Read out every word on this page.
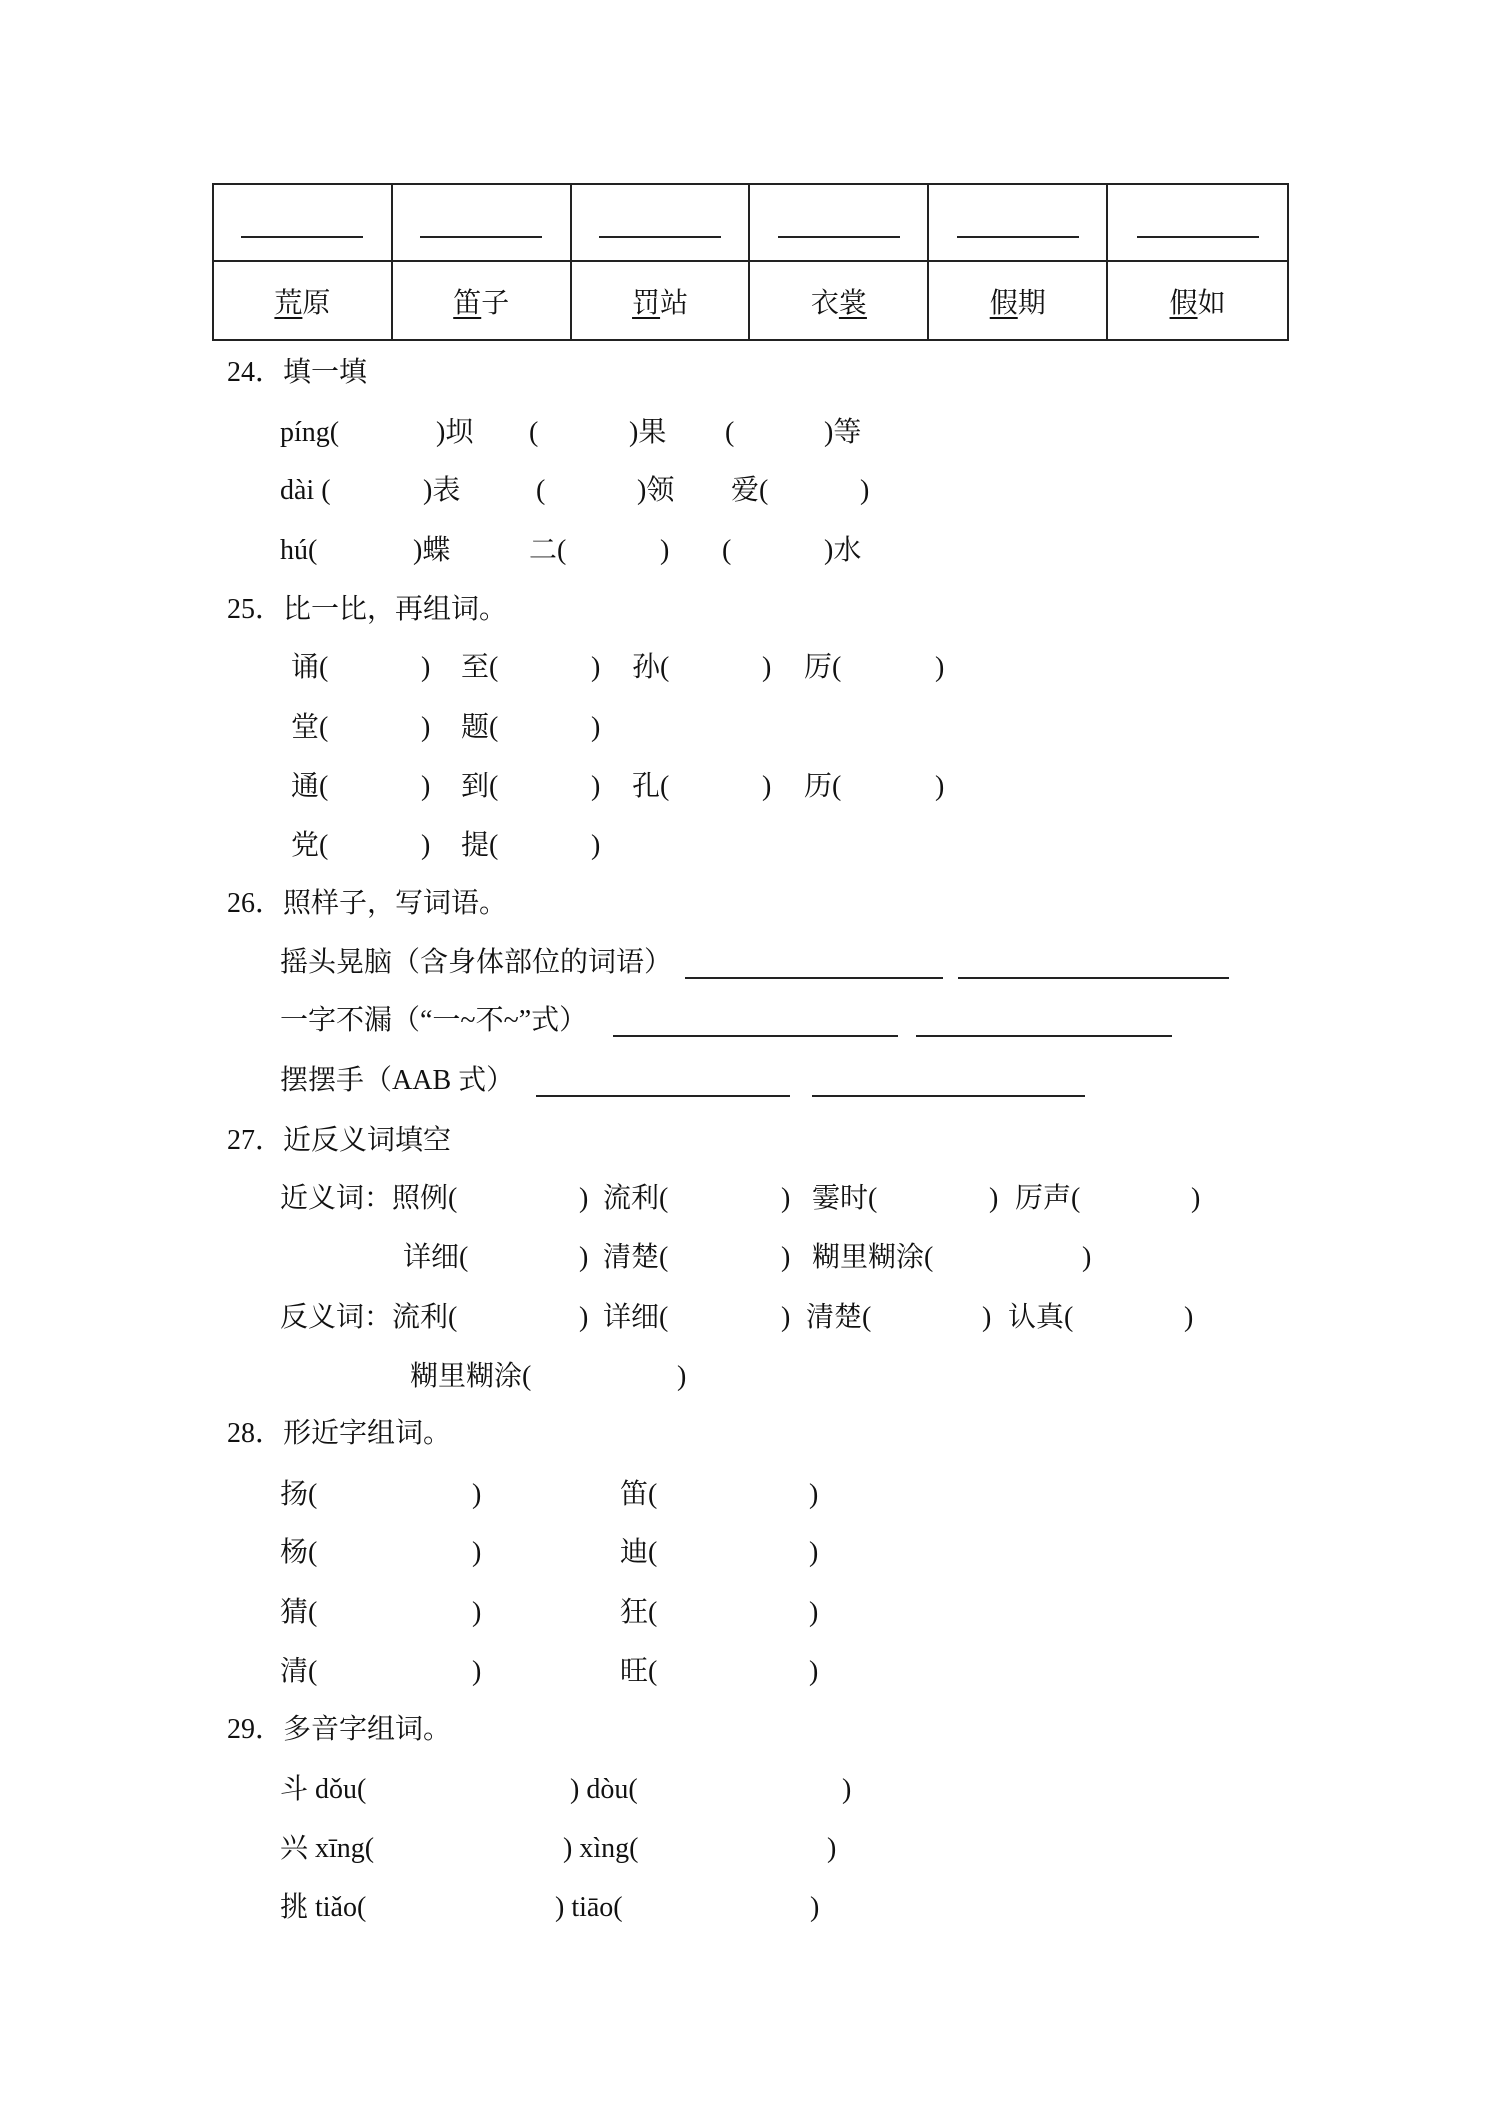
荒 原	笛 子	罚 站	衣 裳	假 期	假 如
24．填一填
píng(	)坝 (	)果 (	)等
dài (	)表	(	)领 爱(	)
hú(	)蝶	二(	) (	)水
25．比一比，再组词。
诵(	) 至(	) 孙(	) 厉(	)
堂(	) 题(	)
通(	) 到(	) 孔(	) 历(	)
党(	) 提(	)
26．照样子，写词语。
摇头晃脑（含身体部位的词语）
一字不漏（“一~不~”式）
摆摆手（AAB 式）
27．近反义词填空
近义词：照例(	) 流利(	) 霎时(	) 厉声(	)
详细(	) 清楚(	) 糊里糊涂(	)
反义词：流利(	) 详细(	) 清楚(	) 认真(	)
糊里糊涂(	)
28．形近字组词。
扬(	)	笛(	)
杨(	)	迪(	)
猜(	)	狂(	)
清(	)	旺(	)
29．多音字组词。
斗 dǒu(	) dòu(	)
兴 xīng(	) xìng(	)
挑 tiǎo(	) tiāo(	)
